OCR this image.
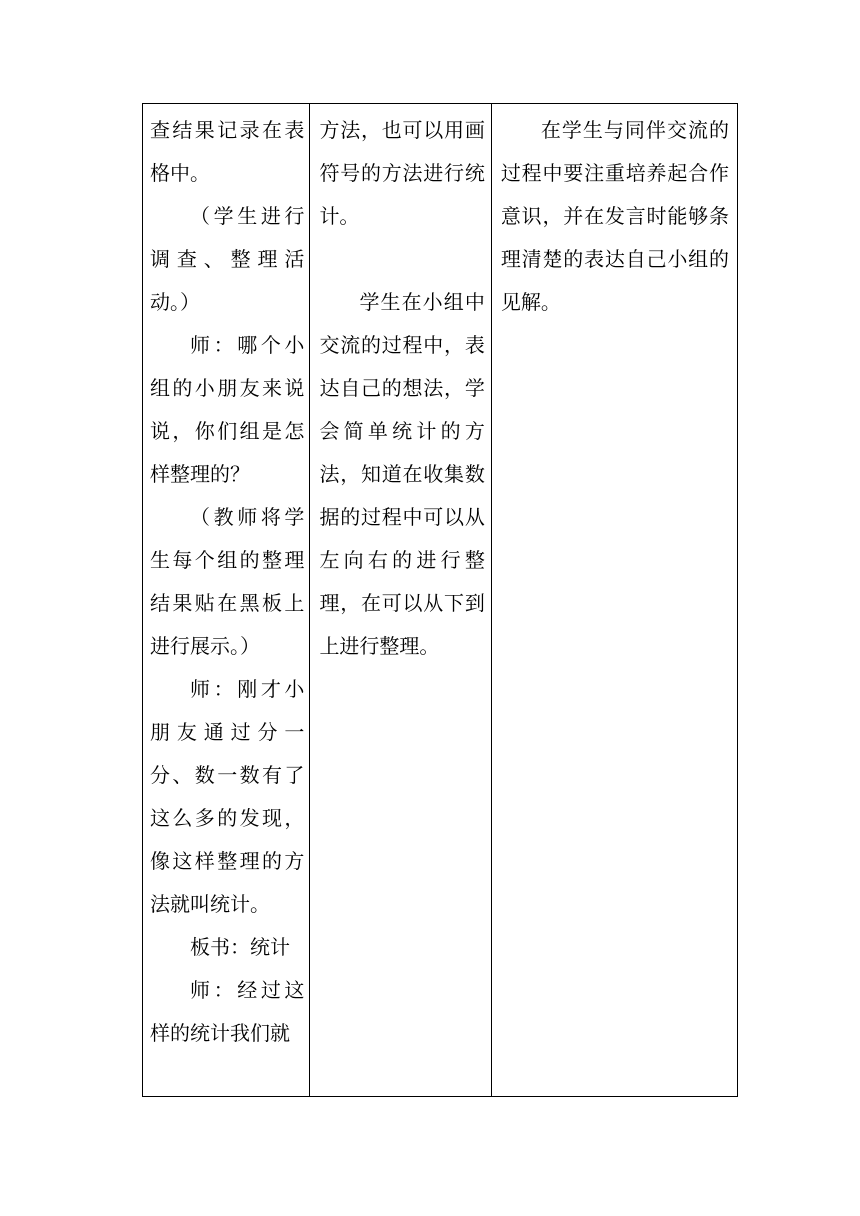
查结果记录在表格中。

（学生进行调查、整理活动。）

师：哪个小组的小朋友来说说，你们组是怎样整理的？

（教师将学生每个组的整理结果贴在黑板上进行展示。）

师：刚才小朋友通过分一分、数一数有了这么多的发现，像这样整理的方法就叫统计。

板书：统计

师：经过这样的统计我们就

方法，也可以用画符号的方法进行统计。

学生在小组中交流的过程中，表达自己的想法，学会简单统计的方法，知道在收集数据的过程中可以从左向右的进行整理，在可以从下到上进行整理。

在学生与同伴交流的过程中要注重培养起合作意识，并在发言时能够条理清楚的表达自己小组的见解。
